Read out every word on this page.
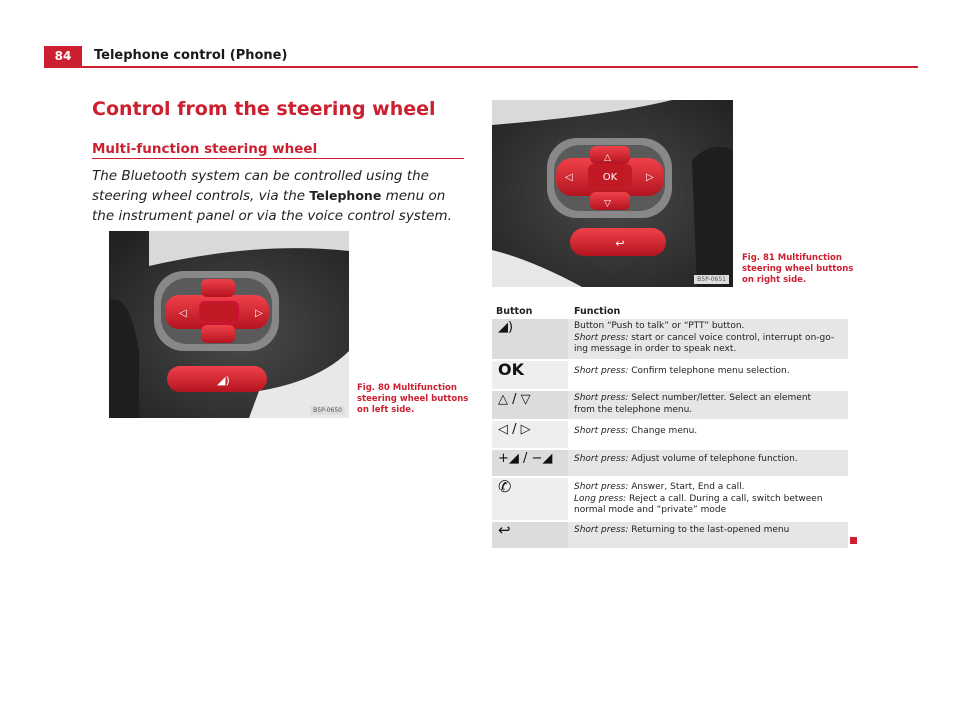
84	Telephone control (Phone)
Control from the steering wheel
Multi-function steering wheel
The Bluetooth system can be controlled using the steering wheel controls, via the Telephone menu on the instrument panel or via the voice control system.
◁	▷
◢)
B5P-0650
Fig. 80 Multifunction
steering wheel buttons
on left side.
OK
△
▽
◁	▷
↩
B5P-0651
Fig. 81 Multifunction
steering wheel buttons
on right side.
Button	Function
◢)	Button “Push to talk” or “PTT” button.
Short press: start or cancel voice control, interrupt on-go-
ing message in order to speak next.
OK	Short press: Confirm telephone menu selection.
△ / ▽	Short press: Select number/letter. Select an element
from the telephone menu.
◁ / ▷	Short press: Change menu.
+◢ / −◢ Short press: Adjust volume of telephone function.
✆	Short press: Answer, Start, End a call.
Long press: Reject a call. During a call, switch between
normal mode and “private” mode
↩	Short press: Returning to the last-opened menu
